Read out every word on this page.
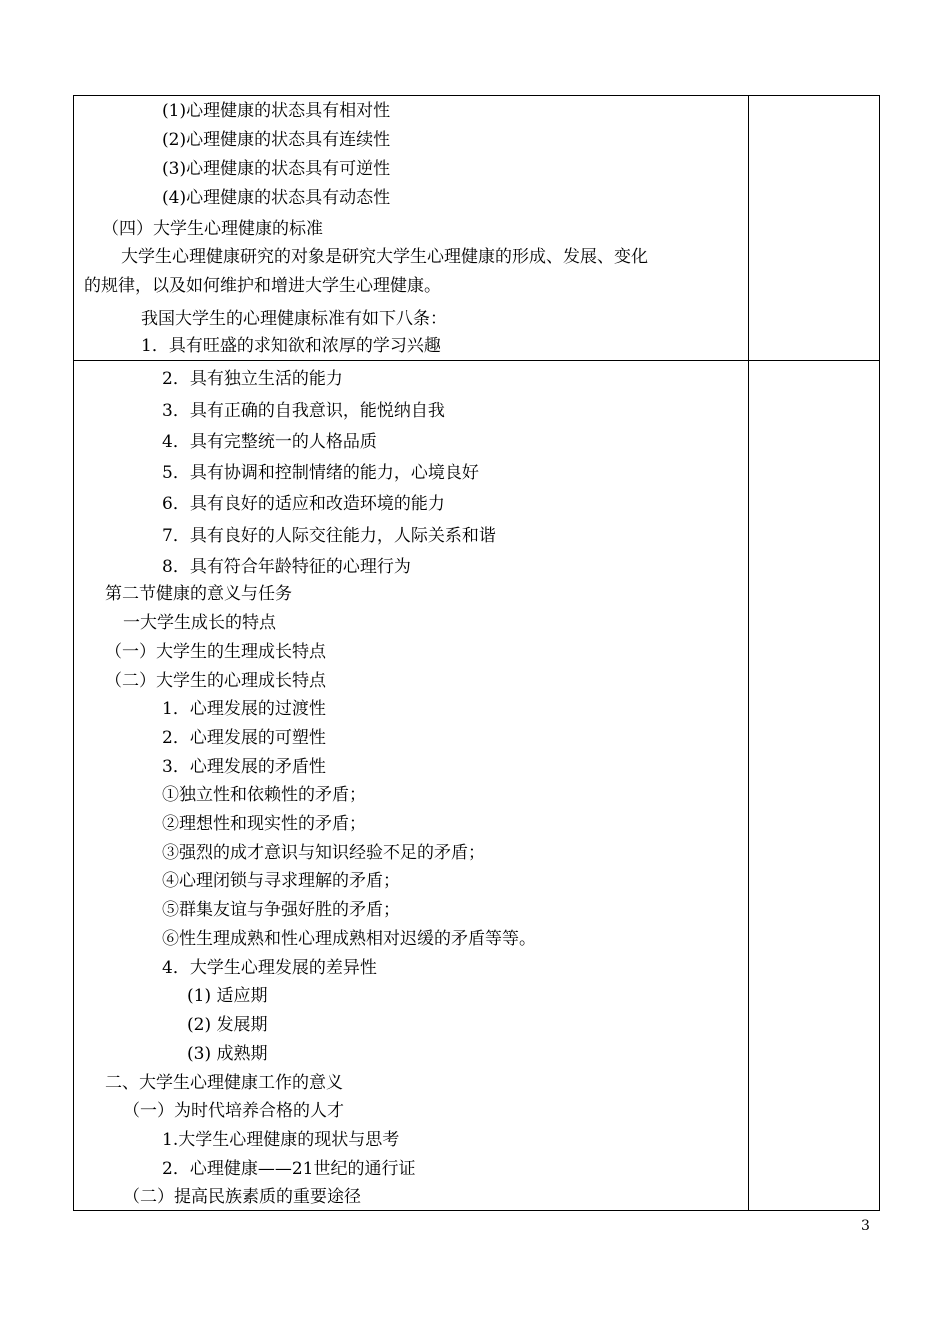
(1)心理健康的状态具有相对性
(2)心理健康的状态具有连续性
(3)心理健康的状态具有可逆性
(4)心理健康的状态具有动态性
（四）大学生心理健康的标准
大学生心理健康研究的对象是研究大学生心理健康的形成、发展、变化
的规律，以及如何维护和增进大学生心理健康。
我国大学生的心理健康标准有如下八条：
1．具有旺盛的求知欲和浓厚的学习兴趣
2．具有独立生活的能力
3．具有正确的自我意识，能悦纳自我
4．具有完整统一的人格品质
5．具有协调和控制情绪的能力，心境良好
6．具有良好的适应和改造环境的能力
7．具有良好的人际交往能力，人际关系和谐
8．具有符合年龄特征的心理行为
第二节健康的意义与任务
一大学生成长的特点
（一）大学生的生理成长特点
（二）大学生的心理成长特点
1．心理发展的过渡性
2．心理发展的可塑性
3．心理发展的矛盾性
①独立性和依赖性的矛盾；
②理想性和现实性的矛盾；
③强烈的成才意识与知识经验不足的矛盾；
④心理闭锁与寻求理解的矛盾；
⑤群集友谊与争强好胜的矛盾；
⑥性生理成熟和性心理成熟相对迟缓的矛盾等等。
4．大学生心理发展的差异性
(1) 适应期
(2) 发展期
(3) 成熟期
二、大学生心理健康工作的意义
（一）为时代培养合格的人才
1.大学生心理健康的现状与思考
2．心理健康——21世纪的通行证
（二）提高民族素质的重要途径
3
